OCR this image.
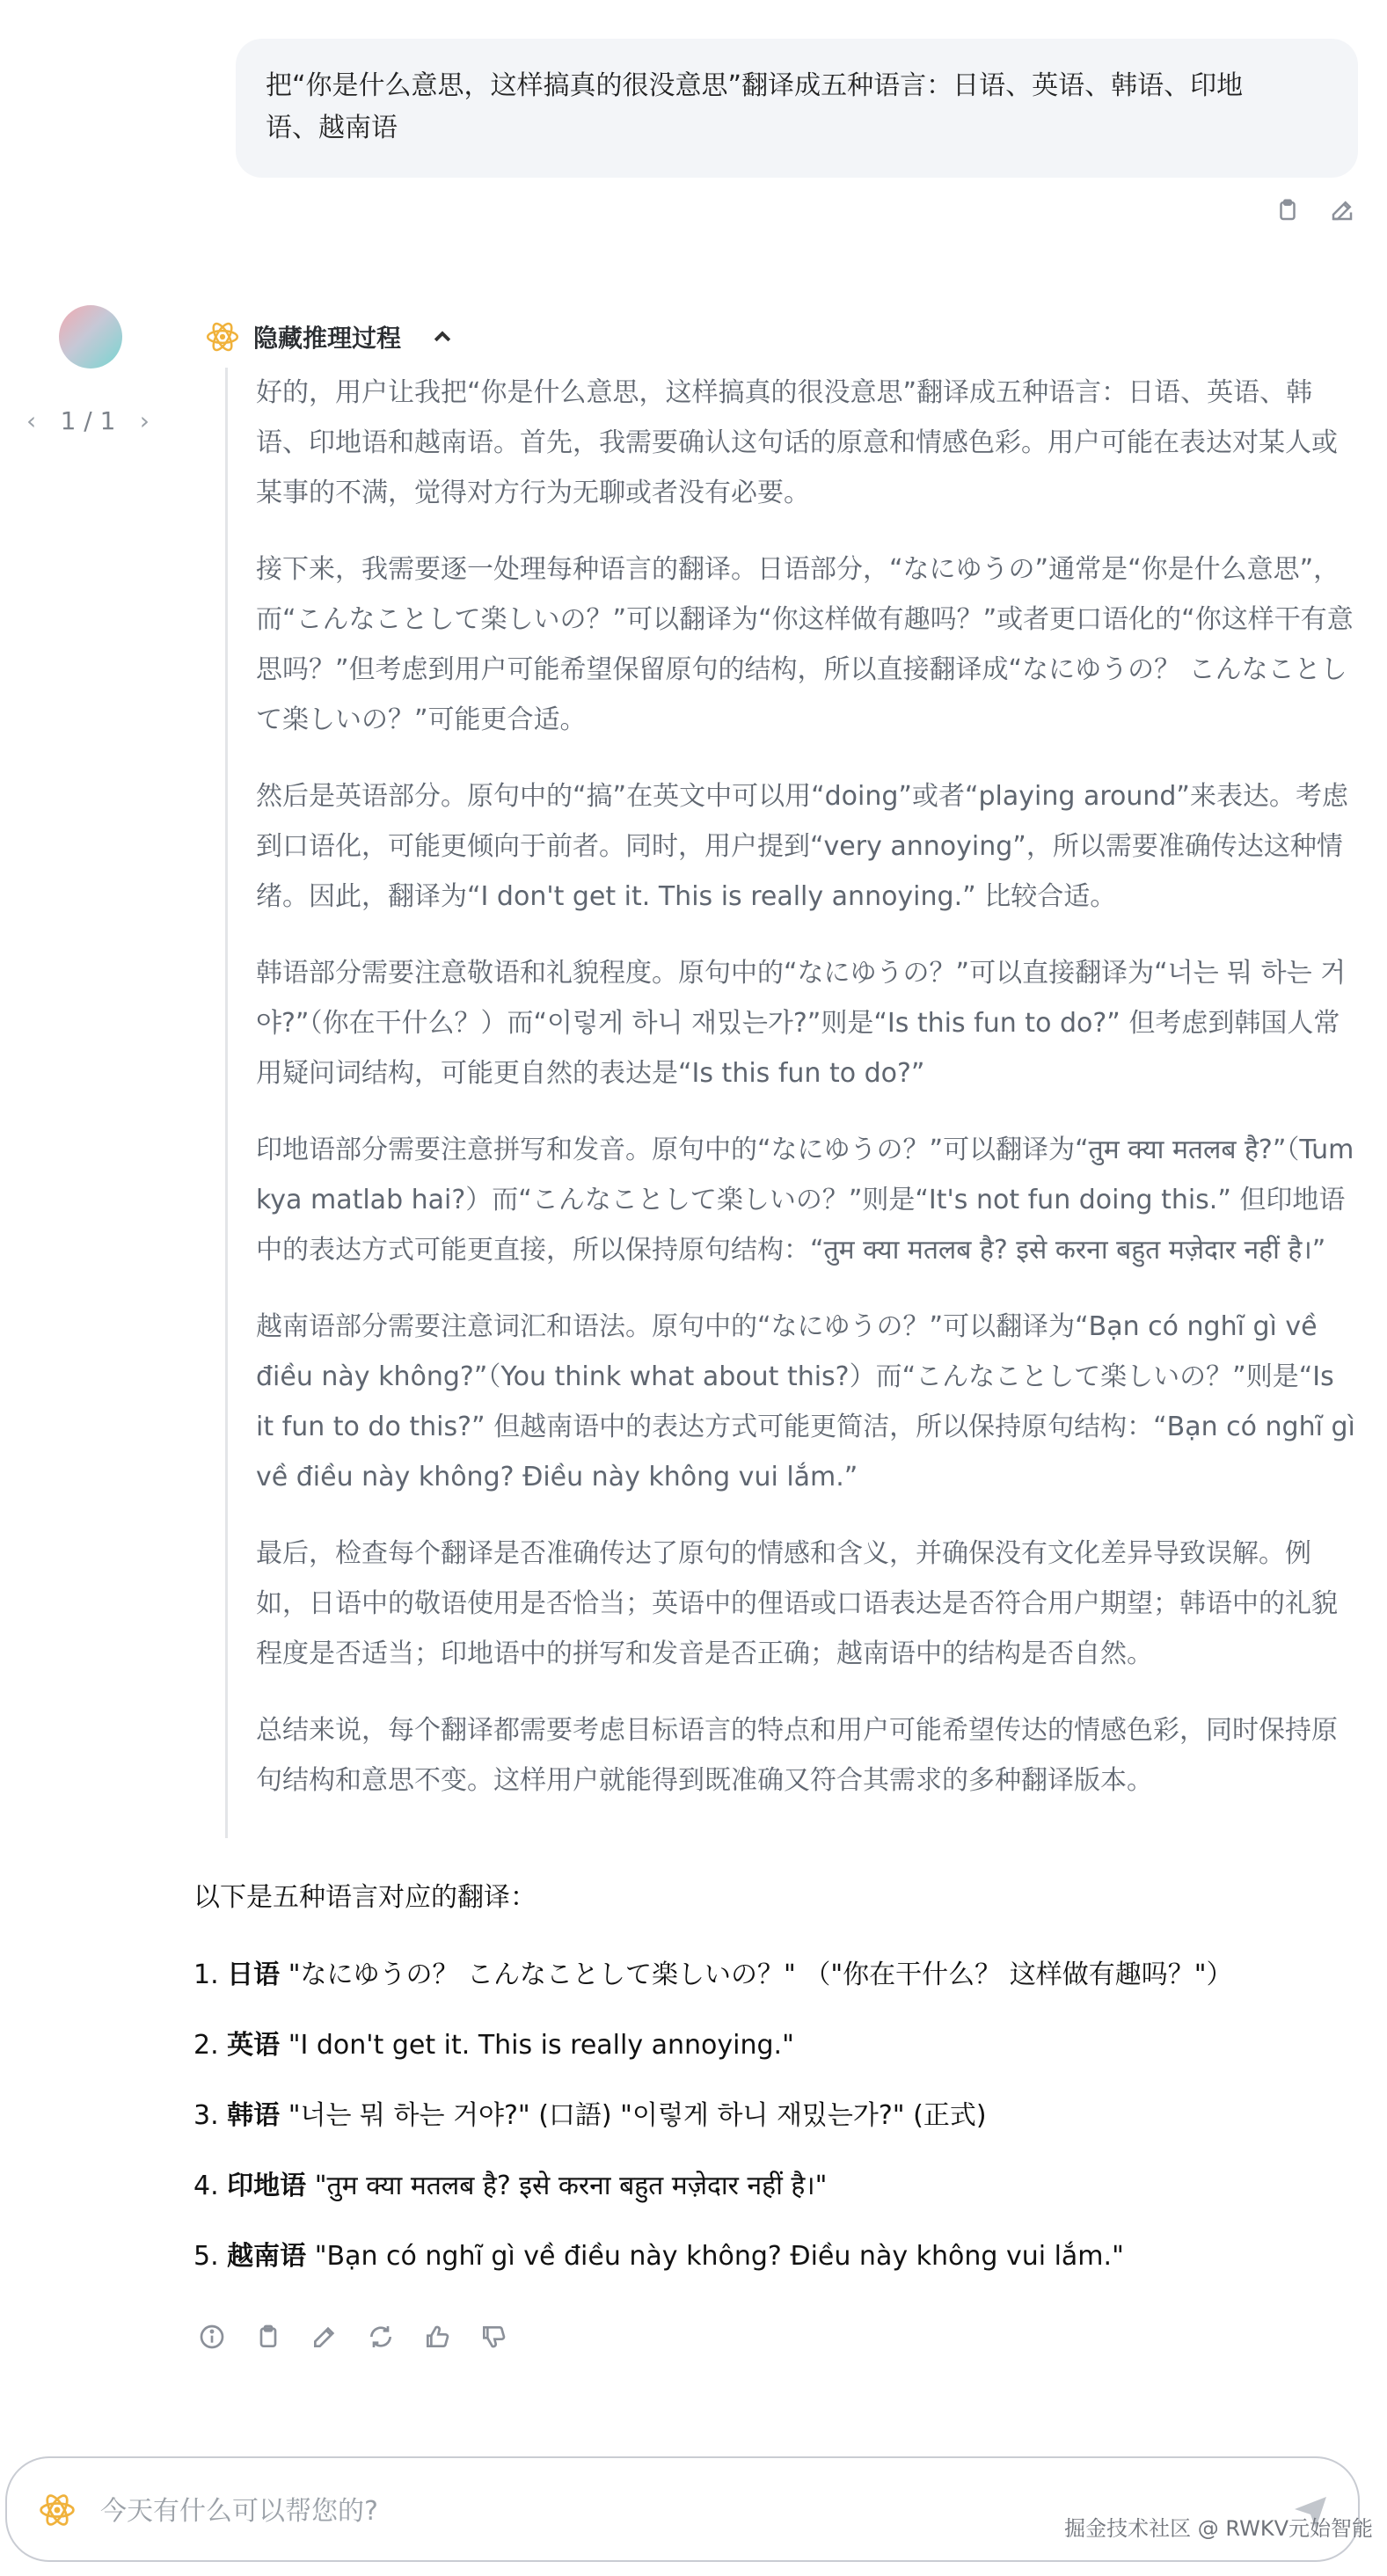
把“你是什么意思，这样搞真的很没意思”翻译成五种语言：日语、英语、韩语、印地
语、越南语
‹ 1 / 1 ›
隐藏推理过程

好的，用户让我把“你是什么意思，这样搞真的很没意思”翻译成五种语言：日语、英语、韩语、印地语和越南语。首先，我需要确认这句话的原意和情感色彩。用户可能在表达对某人或某事的不满，觉得对方行为无聊或者没有必要。

接下来，我需要逐一处理每种语言的翻译。日语部分，“なにゆうの”通常是“你是什么意思”，而“こんなことして楽しいの？”可以翻译为“你这样做有趣吗？”或者更口语化的“你这样干有意思吗？”但考虑到用户可能希望保留原句的结构，所以直接翻译成“なにゆうの？ こんなことして楽しいの？”可能更合适。

然后是英语部分。原句中的“搞”在英文中可以用“doing”或者“playing around”来表达。考虑到口语化，可能更倾向于前者。同时，用户提到“very annoying”，所以需要准确传达这种情绪。因此，翻译为“I don't get it. This is really annoying.” 比较合适。

韩语部分需要注意敬语和礼貌程度。原句中的“なにゆうの？”可以直接翻译为“너는 뭐 하는 거야?”（你在干什么？）而“이렇게 하니 재밌는가?”则是“Is this fun to do?” 但考虑到韩国人常用疑问词结构，可能更自然的表达是“Is this fun to do?”

印地语部分需要注意拼写和发音。原句中的“なにゆうの？”可以翻译为“तुम क्या मतलब है?”（Tum kya matlab hai?）而“こんなことして楽しいの？”则是“It's not fun doing this.” 但印地语中的表达方式可能更直接，所以保持原句结构：“तुम क्या मतलब है? इसे करना बहुत मज़ेदार नहीं है।”

越南语部分需要注意词汇和语法。原句中的“なにゆうの？”可以翻译为“Bạn có nghĩ gì về điều này không?”（You think what about this?）而“こんなことして楽しいの？”则是“Is it fun to do this?” 但越南语中的表达方式可能更简洁，所以保持原句结构：“Bạn có nghĩ gì về điều này không? Điều này không vui lắm.”

最后，检查每个翻译是否准确传达了原句的情感和含义，并确保没有文化差异导致误解。例如，日语中的敬语使用是否恰当；英语中的俚语或口语表达是否符合用户期望；韩语中的礼貌程度是否适当；印地语中的拼写和发音是否正确；越南语中的结构是否自然。

总结来说，每个翻译都需要考虑目标语言的特点和用户可能希望传达的情感色彩，同时保持原句结构和意思不变。这样用户就能得到既准确又符合其需求的多种翻译版本。

以下是五种语言对应的翻译：

1. 日语 "なにゆうの？ こんなことして楽しいの？" （"你在干什么？ 这样做有趣吗？"）

2. 英语 "I don't get it. This is really annoying."

3. 韩语 "너는 뭐 하는 거야?" (口語) "이렇게 하니 재밌는가?" (正式)

4. 印地语 "तुम क्या मतलब है? इसे करना बहुत मज़ेदार नहीं है।"

5. 越南语 "Bạn có nghĩ gì về điều này không? Điều này không vui lắm."

今天有什么可以帮您的?
掘金技术社区 @ RWKV元始智能
